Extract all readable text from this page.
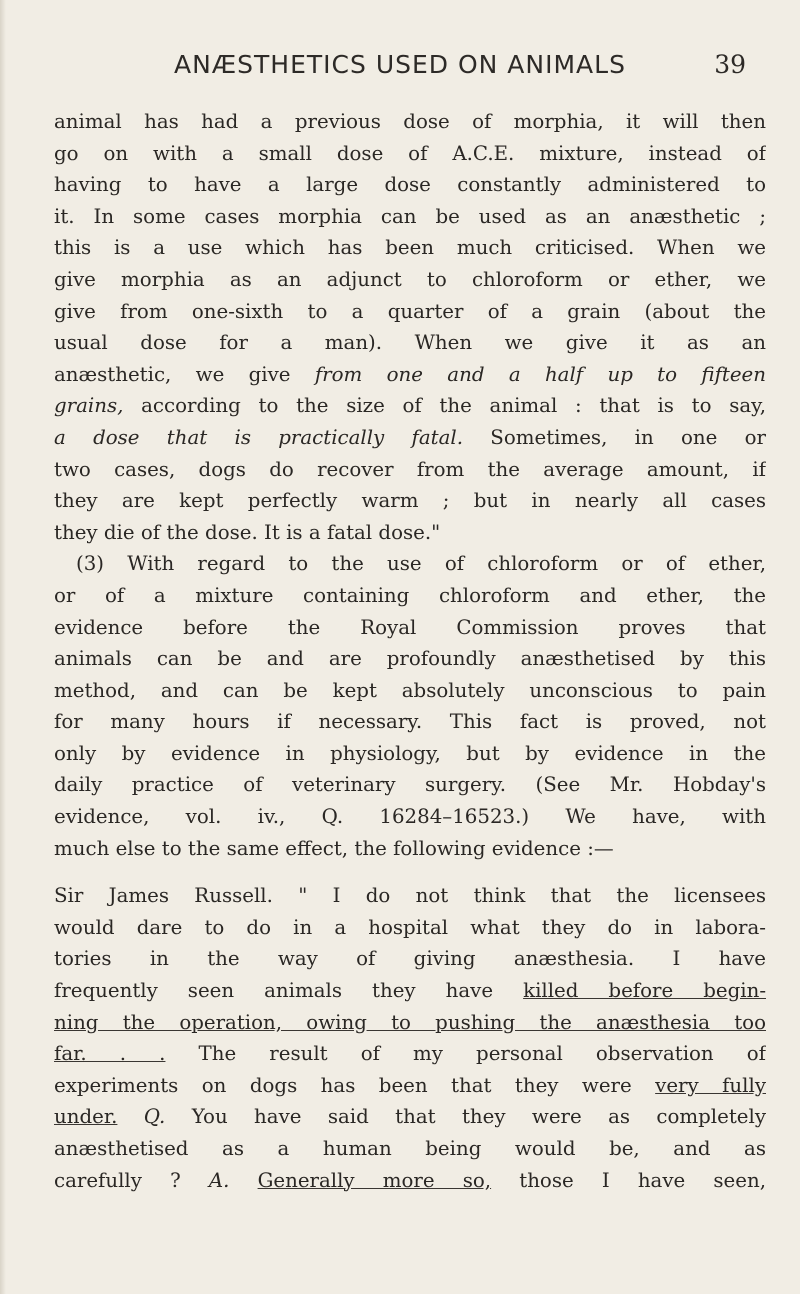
ANÆSTHETICS USED ON ANIMALS	39
animal has had a previous dose of morphia, it will then
go on with a small dose of A.C.E. mixture, instead of
having to have a large dose constantly administered to
it. In some cases morphia can be used as an anæsthetic ;
this is a use which has been much criticised. When we
give morphia as an adjunct to chloroform or ether, we
give from one-sixth to a quarter of a grain (about the
usual dose for a man). When we give it as an
anæsthetic, we give from one and a half up to fifteen
grains, according to the size of the animal : that is to say,
a dose that is practically fatal. Sometimes, in one or
two cases, dogs do recover from the average amount, if
they are kept perfectly warm ; but in nearly all cases
they die of the dose. It is a fatal dose."
(3) With regard to the use of chloroform or of ether,
or of a mixture containing chloroform and ether, the
evidence before the Royal Commission proves that
animals can be and are profoundly anæsthetised by this
method, and can be kept absolutely unconscious to pain
for many hours if necessary. This fact is proved, not
only by evidence in physiology, but by evidence in the
daily practice of veterinary surgery. (See Mr. Hobday's
evidence, vol. iv., Q. 16284–16523.) We have, with
much else to the same effect, the following evidence :—
Sir James Russell. " I do not think that the licensees
would dare to do in a hospital what they do in labora-
tories in the way of giving anæsthesia. I have
frequently seen animals they have killed before begin-
ning the operation, owing to pushing the anæsthesia too
far. . . The result of my personal observation of
experiments on dogs has been that they were very fully
under. Q. You have said that they were as completely
anæsthetised as a human being would be, and as
carefully ? A. Generally more so, those I have seen,
